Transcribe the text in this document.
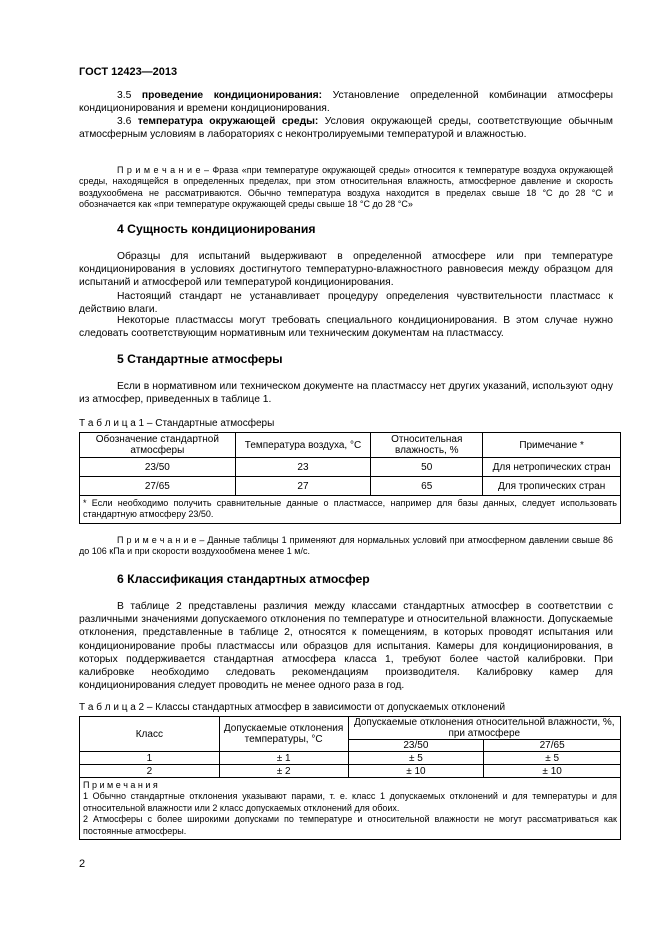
ГОСТ 12423—2013
3.5 проведение кондиционирования: Установление определенной комбинации атмосферы кондиционирования и времени кондиционирования.
3.6 температура окружающей среды: Условия окружающей среды, соответствующие обычным атмосферным условиям в лабораториях с неконтролируемыми температурой и влажностью.
П р и м е ч а н и е – Фраза «при температуре окружающей среды» относится к температуре воздуха окружающей среды, находящейся в определенных пределах, при этом относительная влажность, атмосферное давление и скорость воздухообмена не рассматриваются. Обычно температура воздуха находится в пределах свыше 18 °С до 28 °С и обозначается как «при температуре окружающей среды свыше 18 °С до 28 °С»
4 Сущность кондиционирования
Образцы для испытаний выдерживают в определенной атмосфере или при температуре кондиционирования в условиях достигнутого температурно-влажностного равновесия между образцом для испытаний и атмосферой или температурой кондиционирования.
Настоящий стандарт не устанавливает процедуру определения чувствительности пластмасс к действию влаги.
Некоторые пластмассы могут требовать специального кондиционирования. В этом случае нужно следовать соответствующим нормативным или техническим документам на пластмассу.
5 Стандартные атмосферы
Если в нормативном или техническом документе на пластмассу нет других указаний, используют одну из атмосфер, приведенных в таблице 1.
Т а б л и ц а 1 – Стандартные атмосферы
Обозначение стандартной атмосферы	Температура воздуха, °С	Относительная влажность, %	Примечание *
23/50	23	50	Для нетропических стран
27/65	27	65	Для тропических стран
* Если необходимо получить сравнительные данные о пластмассе, например для базы данных, следует использовать стандартную атмосферу 23/50.			
П р и м е ч а н и е – Данные таблицы 1 применяют для нормальных условий при атмосферном давлении свыше 86 до 106 кПа и при скорости воздухообмена менее 1 м/с.
6 Классификация стандартных атмосфер
В таблице 2 представлены различия между классами стандартных атмосфер в соответствии с различными значениями допускаемого отклонения по температуре и относительной влажности. Допускаемые отклонения, представленные в таблице 2, относятся к помещениям, в которых проводят испытания или кондиционирование пробы пластмассы или образцов для испытания. Камеры для кондиционирования, в которых поддерживается стандартная атмосфера класса 1, требуют более частой калибровки. При калибровке необходимо следовать рекомендациям производителя. Калибровку камер для кондиционирования следует проводить не менее одного раза в год.
Т а б л и ц а 2 – Классы стандартных атмосфер в зависимости от допускаемых отклонений
Класс	Допускаемые отклонения температуры, °С	Допускаемые отклонения относительной влажности, %, при атмосфере	
		23/50	27/65
1	± 1	± 5	± 5
2	± 2	± 10	± 10

П р и м е ч а н и я
1 Обычно стандартные отклонения указывают парами, т. е. класс 1 допускаемых отклонений и для температуры и для относительной влажности или 2 класс допускаемых отклонений для обоих.
2 Атмосферы с более широкими допусками по температуре и относительной влажности не могут рассматриваться как постоянные атмосферы.			
2
